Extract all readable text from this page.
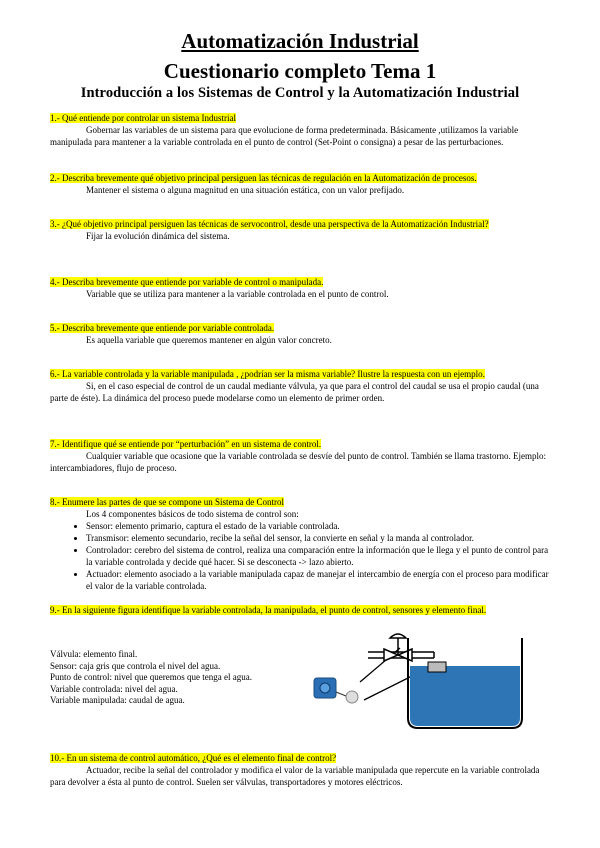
Automatización Industrial
Cuestionario completo Tema 1
Introducción a los Sistemas de Control y la Automatización Industrial
1.- Qué entiende por controlar un sistema Industrial

Gobernar las variables de un sistema para que evolucione de forma predeterminada. Básicamente ,utilizamos la variable manipulada para mantener a la variable controlada en el punto de control (Set-Point o consigna) a pesar de las perturbaciones.

2.- Describa brevemente qué objetivo principal persiguen las técnicas de regulación en la Automatización de procesos.

Mantener el sistema o alguna magnitud en una situación estática, con un valor prefijado.

3.- ¿Qué objetivo principal persiguen las técnicas de servocontrol, desde una perspectiva de la Automatización Industrial?

Fijar la evolución dinámica del sistema.

4.- Describa brevemente que entiende por variable de control o manipulada.

Variable que se utiliza para mantener a la variable controlada en el punto de control.

5.- Describa brevemente que entiende por variable controlada.

Es aquella variable que queremos mantener en algún valor concreto.

6.- La variable controlada y la variable manipulada , ¿podrían ser la misma variable? Ilustre la respuesta con un ejemplo.

Si, en el caso especial de control de un caudal mediante válvula, ya que para el control del caudal se usa el propio caudal (una parte de éste). La dinámica del proceso puede modelarse como un elemento de primer orden.

7.- Identifique qué se entiende por “perturbación” en un sistema de control.

Cualquier variable que ocasione que la variable controlada se desvíe del punto de control. También se llama trastorno. Ejemplo: intercambiadores, flujo de proceso.

8.- Enumere las partes de que se compone un Sistema de Control

Los 4 componentes básicos de todo sistema de control son:

• Sensor: elemento primario, captura el estado de la variable controlada.
• Transmisor: elemento secundario, recibe la señal del sensor, la convierte en señal y la manda al controlador.
• Controlador: cerebro del sistema de control, realiza una comparación entre la información que le llega y el punto de control para la variable controlada y decide qué hacer. Si se desconecta -> lazo abierto.
• Actuador: elemento asociado a la variable manipulada capaz de manejar el intercambio de energía con el proceso para modificar el valor de la variable controlada.
9.- En la siguiente figura identifique la variable controlada, la manipulada, el punto de control, sensores y elemento final.
Válvula: elemento final.
Sensor: caja gris que controla el nivel del agua.
Punto de control: nivel que queremos que tenga el agua.
Variable controlada: nivel del agua.
Variable manipulada: caudal de agua.
10.- En un sistema de control automático, ¿Qué es el elemento final de control?

Actuador, recibe la señal del controlador y modifica el valor de la variable manipulada que repercute en la variable controlada para devolver a ésta al punto de control. Suelen ser válvulas, transportadores y motores eléctricos.
